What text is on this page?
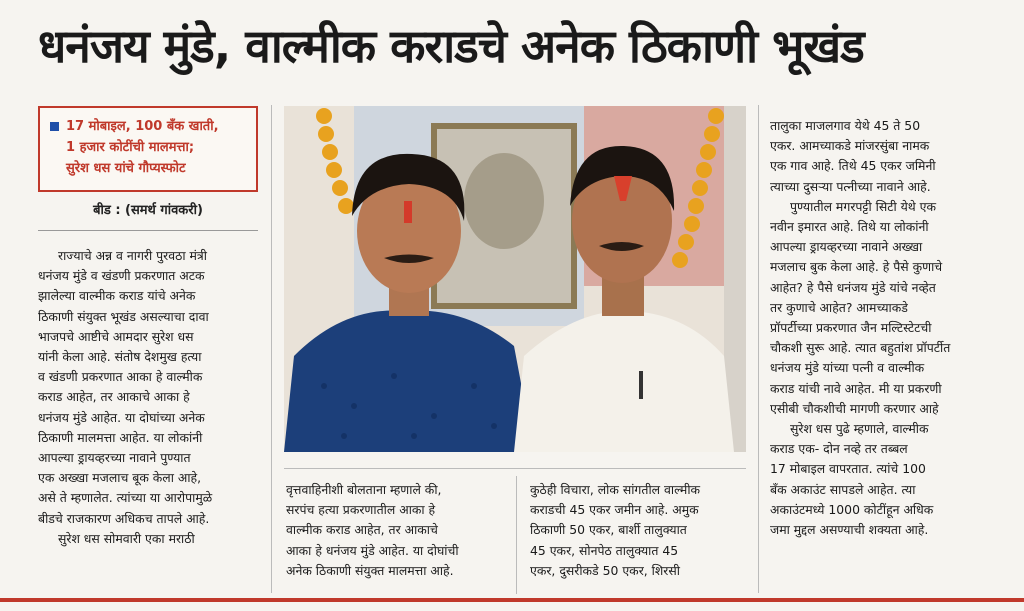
धनंजय मुंडे, वाल्मीक कराडचे अनेक ठिकाणी भूखंड
17 मोबाइल, 100 बँक खाती,
1 हजार कोटींची मालमत्ता;
सुरेश धस यांचे गौप्यस्फोट
बीड : (समर्थ गांवकरी)

राज्याचे अन्न व नागरी पुरवठा मंत्री

धनंजय मुंडे व खंडणी प्रकरणात अटक

झालेल्या वाल्मीक कराड यांचे अनेक

ठिकाणी संयुक्त भूखंड असल्याचा दावा

भाजपचे आष्टीचे आमदार सुरेश धस

यांनी केला आहे. संतोष देशमुख हत्या

व खंडणी प्रकरणात आका हे वाल्मीक

कराड आहेत, तर आकाचे आका हे

धनंजय मुंडे आहेत. या दोघांच्या अनेक

ठिकाणी मालमत्ता आहेत. या लोकांनी

आपल्या ड्रायव्हरच्या नावाने पुण्यात

एक अख्खा मजलाच बूक केला आहे,

असे ते म्हणालेत. त्यांच्या या आरोपामुळे

बीडचे राजकारण अधिकच तापले आहे.

सुरेश धस सोमवारी एका मराठी

वृत्तवाहिनीशी बोलताना म्हणाले की,

सरपंच हत्या प्रकरणातील आका हे

वाल्मीक कराड आहेत, तर आकाचे

आका हे धनंजय मुंडे आहेत. या दोघांची

अनेक ठिकाणी संयुक्त मालमत्ता आहे.

कुठेही विचारा, लोक सांगतील वाल्मीक

कराडची 45 एकर जमीन आहे. अमुक

ठिकाणी 50 एकर, बार्शी तालुक्यात

45 एकर, सोनपेठ तालुक्यात 45

एकर, दुसरीकडे 50 एकर, शिरसी

तालुका माजलगाव येथे 45 ते 50

एकर. आमच्याकडे मांजरसुंबा नामक

एक गाव आहे. तिथे 45 एकर जमिनी

त्याच्या दुसऱ्या पत्नीच्या नावाने आहे.

पुण्यातील मगरपट्टी सिटी येथे एक

नवीन इमारत आहे. तिथे या लोकांनी

आपल्या ड्रायव्हरच्या नावाने अख्खा

मजलाच बुक केला आहे. हे पैसे कुणाचे

आहेत? हे पैसे धनंजय मुंडे यांचे नव्हेत

तर कुणाचे आहेत? आमच्याकडे

प्रॉपर्टीच्या प्रकरणात जैन मल्टिस्टेटची

चौकशी सुरू आहे. त्यात बहुतांश प्रॉपर्टीत

धनंजय मुंडे यांच्या पत्नी व वाल्मीक

कराड यांची नावे आहेत. मी या प्रकरणी

एसीबी चौकशीची मागणी करणार आहे

सुरेश धस पुढे म्हणाले, वाल्मीक

कराड एक- दोन नव्हे तर तब्बल

17 मोबाइल वापरतात. त्यांचे 100

बँक अकाउंट सापडले आहेत. त्या

अकाउंटमध्ये 1000 कोटींहून अधिक

जमा मुद्दल असण्याची शक्यता आहे.
